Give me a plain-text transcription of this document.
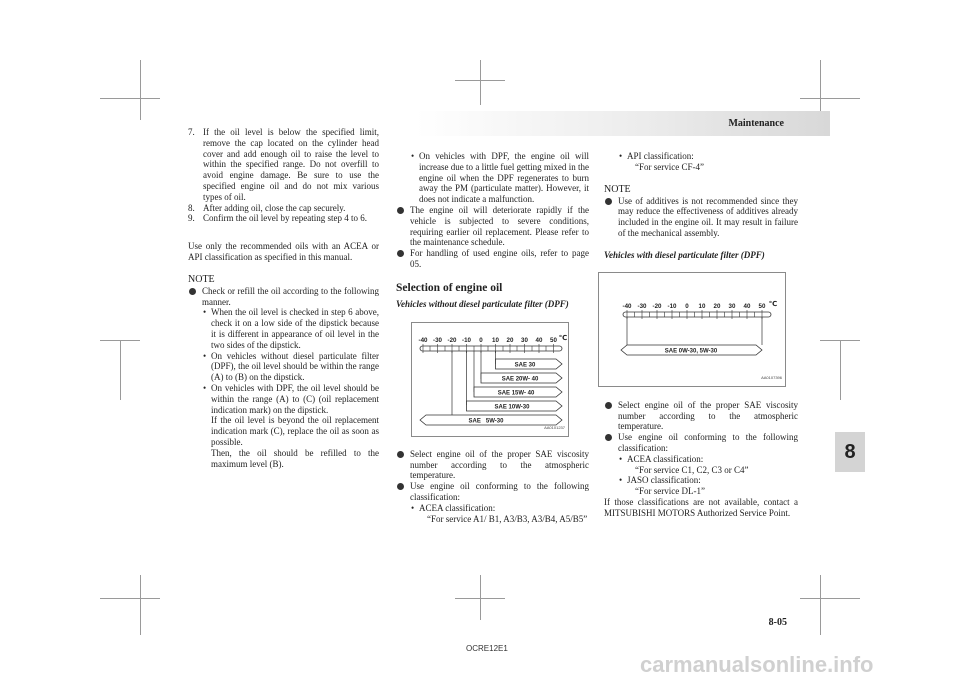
Maintenance
8
7. If the oil level is below the specified limit, remove the cap located on the cylinder head cover and add enough oil to raise the level to within the specified range. Do not overfill to avoid engine damage. Be sure to use the specified engine oil and do not mix various types of oil.
8. After adding oil, close the cap securely.
9. Confirm the oil level by repeating step 4 to 6.

Use only the recommended oils with an ACEA or API classification as specified in this manual.

NOTE
Check or refill the oil according to the following manner.
• When the oil level is checked in step 6 above, check it on a low side of the dipstick because it is different in appearance of oil level in the two sides of the dipstick.
• On vehicles without diesel particulate filter (DPF), the oil level should be within the range (A) to (B) on the dipstick.
• On vehicles with DPF, the oil level should be within the range (A) to (C) (oil replacement indication mark) on the dipstick.
If the oil level is beyond the oil replacement indication mark (C), replace the oil as soon as possible.
Then, the oil should be refilled to the maximum level (B).
• On vehicles with DPF, the engine oil will increase due to a little fuel getting mixed in the engine oil when the DPF regenerates to burn away the PM (particulate matter). However, it does not indicate a malfunction.
The engine oil will deteriorate rapidly if the vehicle is subjected to severe conditions, requiring earlier oil replacement. Please refer to the maintenance schedule.
For handling of used engine oils, refer to page 05.
Selection of engine oil
Vehicles without diesel particulate filter (DPF)
-40 -30 -20 -10 0 10 20 30 40 50 ℃
SAE 30
SAE 20W- 40
SAE 15W- 40
SAE 10W-30
SAE   5W-30
AA0101237
Select engine oil of the proper SAE viscosity number according to the atmospheric temperature.
Use engine oil conforming to the following classification:
• ACEA classification:
“For service A1/ B1, A3/B3, A3/B4, A5/B5”
• API classification:
“For service CF-4”
NOTE
Use of additives is not recommended since they may reduce the effectiveness of additives already included in the engine oil. It may result in failure of the mechanical assembly.
Vehicles with diesel particulate filter (DPF)
-40 -30 -20 -10 0 10 20 30 40 50 ℃
SAE 0W-30, 5W-30
AA0107396
Select engine oil of the proper SAE viscosity number according to the atmospheric temperature.
Use engine oil conforming to the following classification:
• ACEA classification:
“For service C1, C2, C3 or C4”
• JASO classification:
“For service DL-1”

If those classifications are not available, contact a MITSUBISHI MOTORS Authorized Service Point.

OCRE12E1
8-05
carmanualsonline.info
